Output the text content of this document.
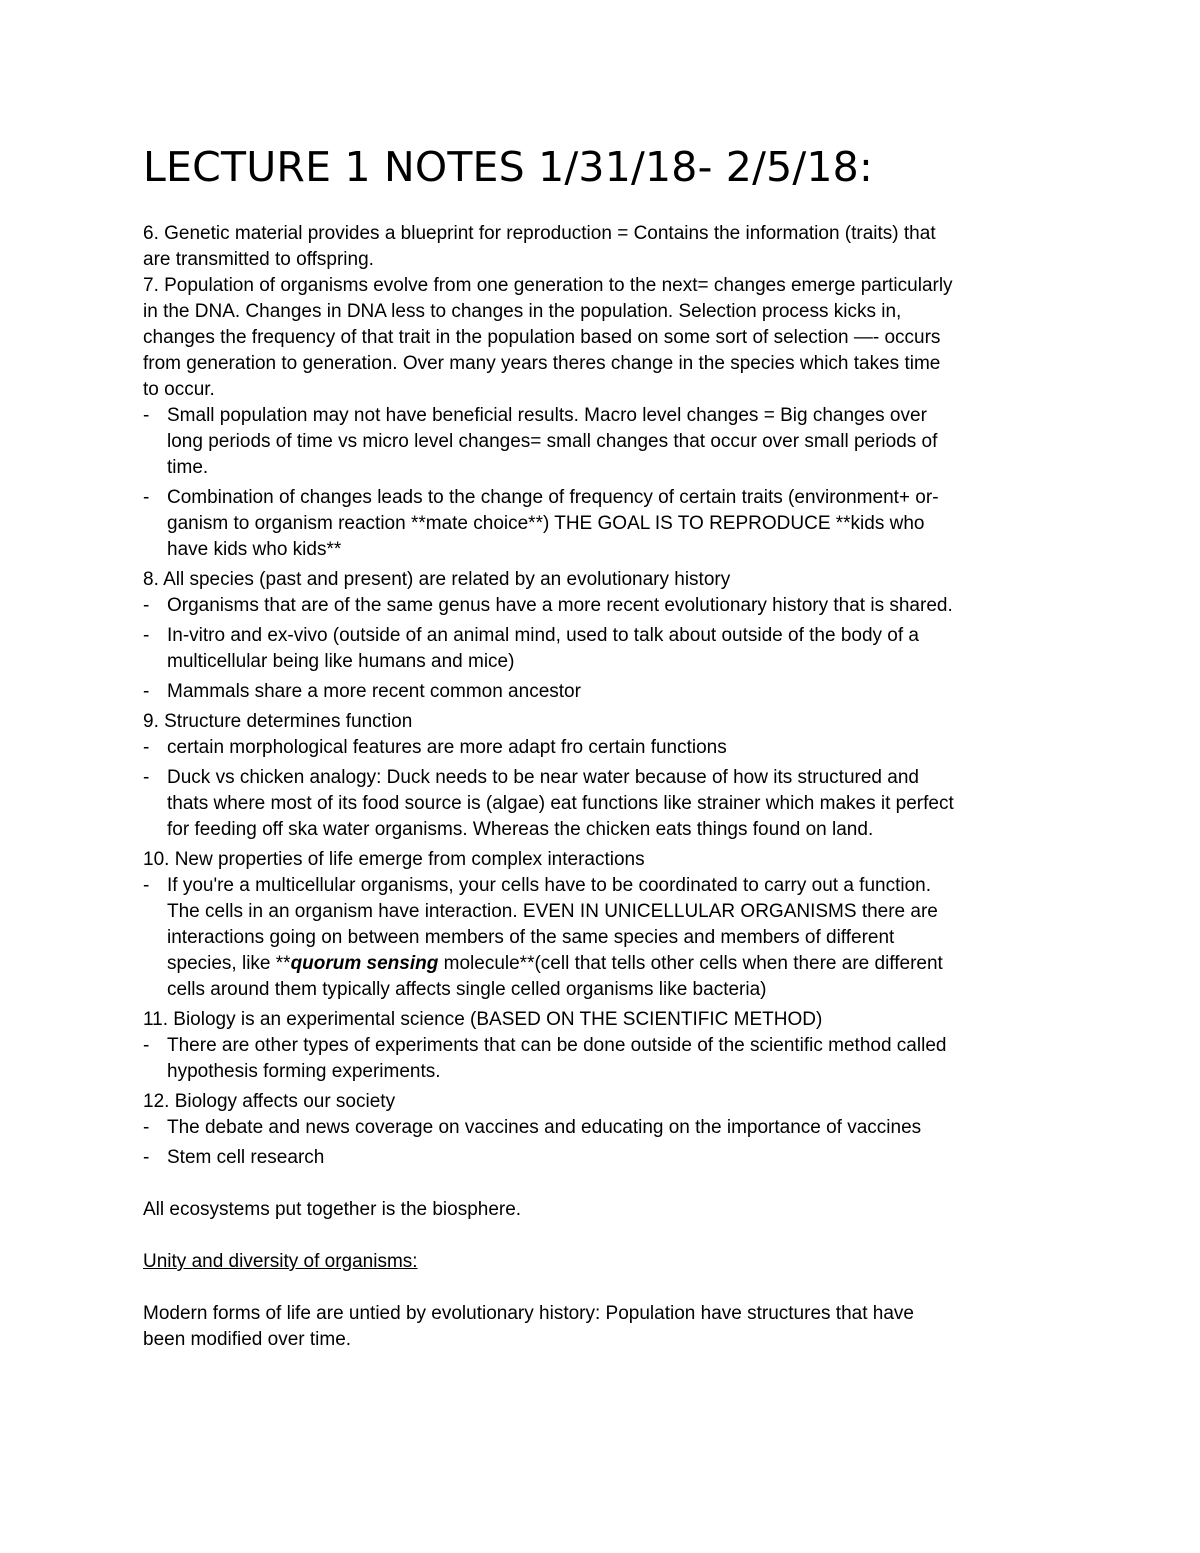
LECTURE 1 NOTES 1/31/18- 2/5/18:
6. Genetic material provides a blueprint for reproduction = Contains the information (traits) that
are transmitted to offspring.
7. Population of organisms evolve from one generation to the next= changes emerge particularly
in the DNA. Changes in DNA less to changes in the population. Selection process kicks in,
changes the frequency of that trait in the population based on some sort of selection —- occurs
from generation to generation. Over many years theres change in the species which takes time
to occur.
- Small population may not have beneficial results. Macro level changes = Big changes over
long periods of time vs micro level changes= small changes that occur over small periods of
time.
- Combination of changes leads to the change of frequency of certain traits (environment+ or-
ganism to organism reaction **mate choice**) THE GOAL IS TO REPRODUCE **kids who
have kids who kids**
8. All species (past and present) are related by an evolutionary history
- Organisms that are of the same genus have a more recent evolutionary history that is shared.
- In-vitro and ex-vivo (outside of an animal mind, used to talk about outside of the body of a
multicellular being like humans and mice)
- Mammals share a more recent common ancestor
9. Structure determines function
- certain morphological features are more adapt fro certain functions
- Duck vs chicken analogy: Duck needs to be near water because of how its structured and
thats where most of its food source is (algae) eat functions like strainer which makes it perfect
for feeding off ska water organisms. Whereas the chicken eats things found on land.
10. New properties of life emerge from complex interactions
- If you're a multicellular organisms, your cells have to be coordinated to carry out a function.
The cells in an organism have interaction. EVEN IN UNICELLULAR ORGANISMS there are
interactions going on between members of the same species and members of different
species, like **quorum sensing molecule**(cell that tells other cells when there are different
cells around them typically affects single celled organisms like bacteria)
11. Biology is an experimental science (BASED ON THE SCIENTIFIC METHOD)
- There are other types of experiments that can be done outside of the scientific method called
hypothesis forming experiments.
12. Biology affects our society
- The debate and news coverage on vaccines and educating on the importance of vaccines
- Stem cell research
All ecosystems put together is the biosphere.
Unity and diversity of organisms:
Modern forms of life are untied by evolutionary history: Population have structures that have
been modified over time.
